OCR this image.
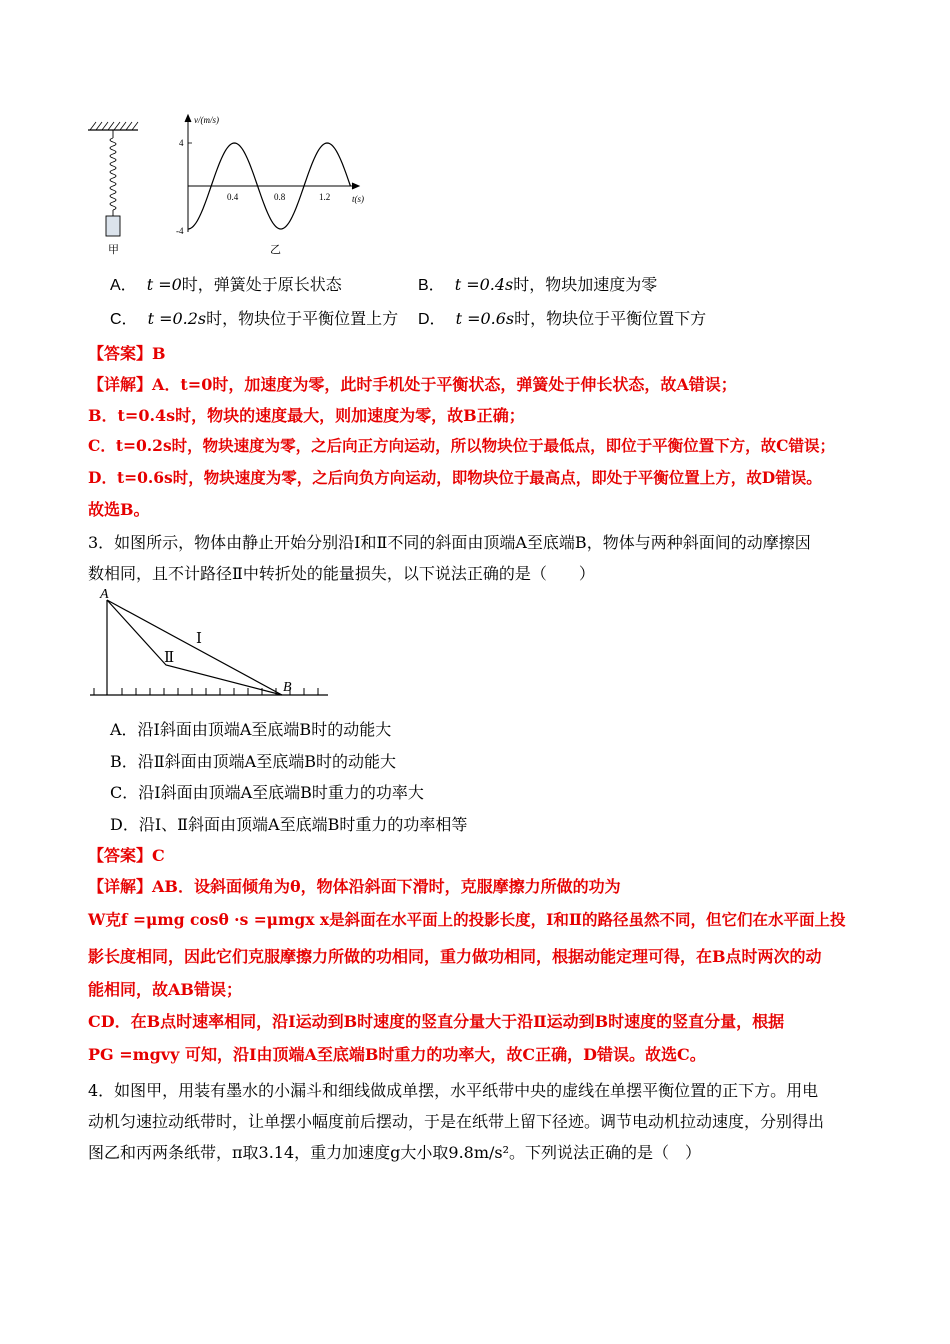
甲
v/(m/s)
t(s)
4
-4
0.4	0.8	1.2
乙
A． t =0时，弹簧处于原长状态	B． t =0.4s时，物块加速度为零
C． t =0.2s时，物块位于平衡位置上方 D． t =0.6s时，物块位于平衡位置下方
【答案】B
【详解】A．t=0时，加速度为零，此时手机处于平衡状态，弹簧处于伸长状态，故A错误；
B．t=0.4s时，物块的速度最大，则加速度为零，故B正确；
C．t=0.2s时，物块速度为零，之后向正方向运动，所以物块位于最低点，即位于平衡位置下方，故C错误；
D．t=0.6s时，物块速度为零，之后向负方向运动，即物块位于最高点，即处于平衡位置上方，故D错误。
故选B。
3．如图所示，物体由静止开始分别沿Ⅰ和Ⅱ不同的斜面由顶端A至底端B，物体与两种斜面间的动摩擦因
数相同，且不计路径Ⅱ中转折处的能量损失，以下说法正确的是（　　）
A
B
Ⅰ
Ⅱ
A．沿Ⅰ斜面由顶端A至底端B时的动能大
B．沿Ⅱ斜面由顶端A至底端B时的动能大
C．沿Ⅰ斜面由顶端A至底端B时重力的功率大
D．沿Ⅰ、Ⅱ斜面由顶端A至底端B时重力的功率相等
【答案】C
【详解】AB．设斜面倾角为θ，物体沿斜面下滑时，克服摩擦力所做的功为
W克f =μmg cosθ ·s =μmgx x是斜面在水平面上的投影长度，Ⅰ和Ⅱ的路径虽然不同，但它们在水平面上投
影长度相同，因此它们克服摩擦力所做的功相同，重力做功相同，根据动能定理可得，在B点时两次的动
能相同，故AB错误；
CD．在B点时速率相同，沿Ⅰ运动到B时速度的竖直分量大于沿Ⅱ运动到B时速度的竖直分量，根据
PG =mgvy 可知，沿Ⅰ由顶端A至底端B时重力的功率大，故C正确，D错误。故选C。
4．如图甲，用装有墨水的小漏斗和细线做成单摆，水平纸带中央的虚线在单摆平衡位置的正下方。用电
动机匀速拉动纸带时，让单摆小幅度前后摆动，于是在纸带上留下径迹。调节电动机拉动速度，分别得出
图乙和丙两条纸带，π取3.14，重力加速度g大小取9.8m/s²。下列说法正确的是（　）
